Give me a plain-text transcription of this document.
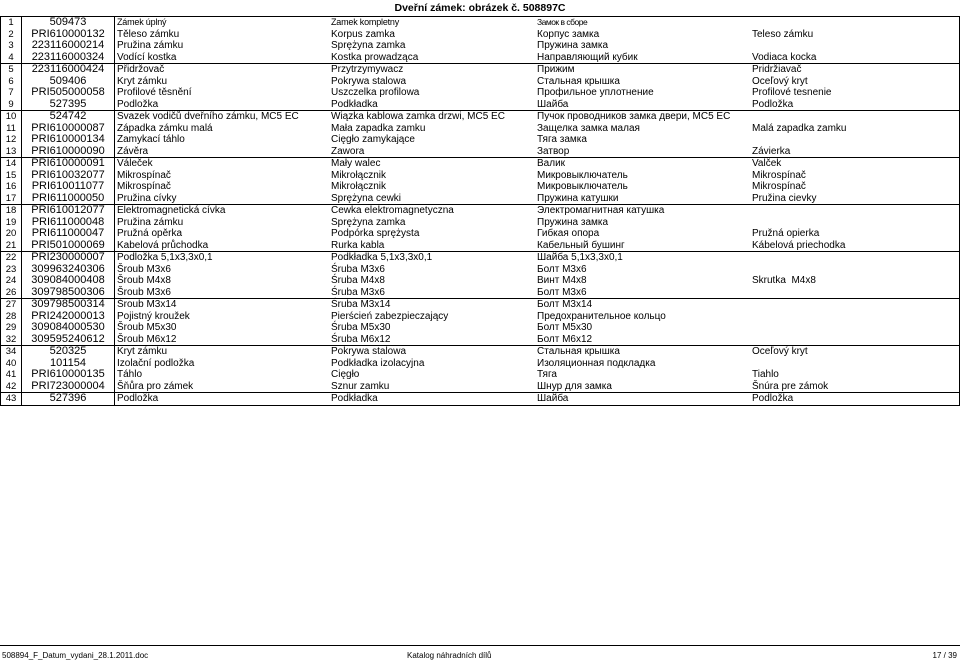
Dveřní zámek: obrázek č. 508897C
1	509473	Zámek úplný	Zamek kompletny	Замок в сборе
2	PRI610000132	Těleso zámku	Korpus zamka	Корпус замка	Teleso zámku
3	223116000214	Pružina zámku	Sprężyna zamka	Пружина замка
4	223116000324	Vodící kostka	Kostka prowadząca	Направляющий кубик	Vodiaca kocka
5	223116000424	Přidržovač	Przytrzymywacz	Прижим	Pridržiavač
6	509406	Kryt zámku	Pokrywa stalowa	Стальная крышка	Oceľový kryt
7	PRI505000058	Profilové těsnění	Uszczelka profilowa	Профильное уплотнение	Profilové tesnenie
9	527395	Podložka	Podkładka	Шайба	Podložka
10	524742	Svazek vodičů dveřního zámku, MC5 EC	Wiązka kablowa zamka drzwi, MC5 EC	Пучок проводников замка двери, MC5 EC
11	PRI610000087	Západka zámku malá	Mała zapadka zamku	Защелка замка малая	Malá zapadka zamku
12	PRI610000134	Zamykací táhlo	Cięgło zamykające	Тяга замка
13	PRI610000090	Závěra	Zawora	Затвор	Závierka
14	PRI610000091	Váleček	Mały walec	Валик	Valček
15	PRI610032077	Mikrospínač	Mikrołącznik	Микровыключатель	Mikrospínač
16	PRI610011077	Mikrospínač	Mikrołącznik	Микровыключатель	Mikrospínač
17	PRI611000050	Pružina cívky	Sprężyna cewki	Пружина катушки	Pružina cievky
18	PRI610012077	Elektromagnetická cívka	Cewka elektromagnetyczna	Электромагнитная катушка
19	PRI611000048	Pružina zámku	Sprężyna zamka	Пружина замка
20	PRI611000047	Pružná opěrka	Podpórka sprężysta	Гибкая опора	Pružná opierka
21	PRI501000069	Kabelová průchodka	Rurka kabla	Кабельный бушинг	Kábelová priechodka
22	PRI230000007	Podložka 5,1x3,3x0,1	Podkładka 5,1x3,3x0,1	Шайба 5,1x3,3x0,1
23	309963240306	Šroub M3x6	Śruba M3x6	Болт M3x6
24	309084000408	Šroub M4x8	Śruba M4x8	Винт M4x8	Skrutka  M4x8
26	309798500306	Šroub M3x6	Śruba M3x6	Болт M3x6
27	309798500314	Šroub M3x14	Śruba M3x14	Болт M3x14
28	PRI242000013	Pojistný kroužek	Pierścień zabezpieczający	Предохранительное кольцо
29	309084000530	Šroub M5x30	Śruba M5x30	Болт M5x30
32	309595240612	Šroub M6x12	Śruba M6x12	Болт M6x12
34	520325	Kryt zámku	Pokrywa stalowa	Стальная крышка	Oceľový kryt
40	101154	Izolační podložka	Podkładka izolacyjna	Изоляционная подкладка
41	PRI610000135	Táhlo	Cięgło	Тяга	Tiahlo
42	PRI723000004	Šňůra pro zámek	Sznur zamku	Шнур для замка	Šnúra pre zámok
43	527396	Podložka	Podkładka	Шайба	Podložka
508894_F_Datum_vydani_28.1.2011.doc	Katalog náhradních dílů	17 / 39
